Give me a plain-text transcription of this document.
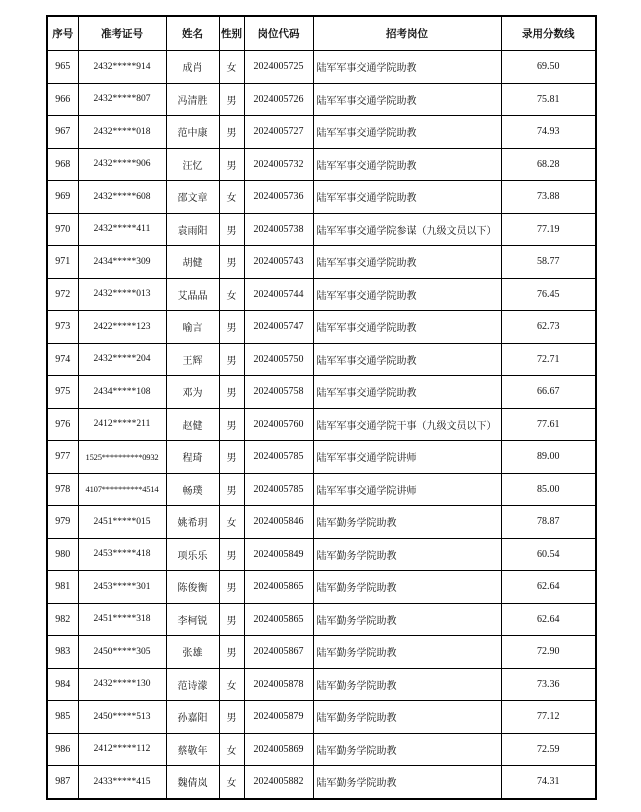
序号	准考证号	姓名	性别	岗位代码	招考岗位	录用分数线
965	2432*****914	成肖	女	2024005725	陆军军事交通学院助教	69.50
966	2432*****807	冯清胜	男	2024005726	陆军军事交通学院助教	75.81
967	2432*****018	范中康	男	2024005727	陆军军事交通学院助教	74.93
968	2432*****906	汪忆	男	2024005732	陆军军事交通学院助教	68.28
969	2432*****608	邵文章	女	2024005736	陆军军事交通学院助教	73.88
970	2432*****411	袁雨阳	男	2024005738	陆军军事交通学院参谋（九级文员以下）	77.19
971	2434*****309	胡健	男	2024005743	陆军军事交通学院助教	58.77
972	2432*****013	艾晶晶	女	2024005744	陆军军事交通学院助教	76.45
973	2422*****123	喻言	男	2024005747	陆军军事交通学院助教	62.73
974	2432*****204	王辉	男	2024005750	陆军军事交通学院助教	72.71
975	2434*****108	邓为	男	2024005758	陆军军事交通学院助教	66.67
976	2412*****211	赵健	男	2024005760	陆军军事交通学院干事（九级文员以下）	77.61
977	1525**********0932	程琦	男	2024005785	陆军军事交通学院讲师	89.00
978	4107**********4514	畅璞	男	2024005785	陆军军事交通学院讲师	85.00
979	2451*****015	姚希玥	女	2024005846	陆军勤务学院助教	78.87
980	2453*****418	项乐乐	男	2024005849	陆军勤务学院助教	60.54
981	2453*****301	陈俊衡	男	2024005865	陆军勤务学院助教	62.64
982	2451*****318	李柯锐	男	2024005865	陆军勤务学院助教	62.64
983	2450*****305	张雄	男	2024005867	陆军勤务学院助教	72.90
984	2432*****130	范诗濛	女	2024005878	陆军勤务学院助教	73.36
985	2450*****513	孙嘉阳	男	2024005879	陆军勤务学院助教	77.12
986	2412*****112	蔡敬年	女	2024005869	陆军勤务学院助教	72.59
987	2433*****415	魏倩岚	女	2024005882	陆军勤务学院助教	74.31
